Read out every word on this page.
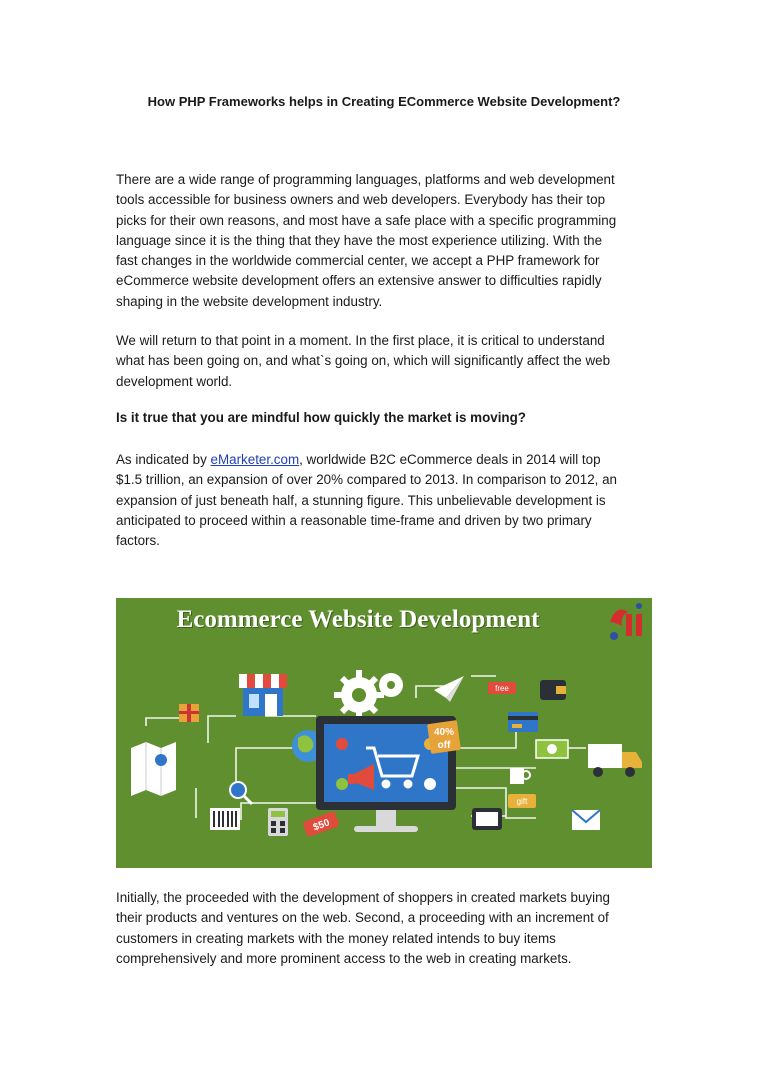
How PHP Frameworks helps in Creating ECommerce Website Development?

There are a wide range of programming languages, platforms and web development
tools accessible for business owners and web developers. Everybody has their top
picks for their own reasons, and most have a safe place with a specific programming
language since it is the thing that they have the most experience utilizing. With the
fast changes in the worldwide commercial center, we accept a PHP framework for
eCommerce website development offers an extensive answer to difficulties rapidly
shaping in the website development industry.

We will return to that point in a moment. In the first place, it is critical to understand
what has been going on, and what`s going on, which will significantly affect the web
development world.

Is it true that you are mindful how quickly the market is moving?

As indicated by eMarketer.com, worldwide B2C eCommerce deals in 2014 will top
$1.5 trillion, an expansion of over 20% compared to 2013. In comparison to 2012, an
expansion of just beneath half, a stunning figure. This unbelievable development is
anticipated to proceed within a reasonable time-frame and driven by two primary
factors.

40%
off
$50
free
gift
Ecommerce Website Development

Initially, the proceeded with the development of shoppers in created markets buying
their products and ventures on the web. Second, a proceeding with an increment of
customers in creating markets with the money related intends to buy items
comprehensively and more prominent access to the web in creating markets.
